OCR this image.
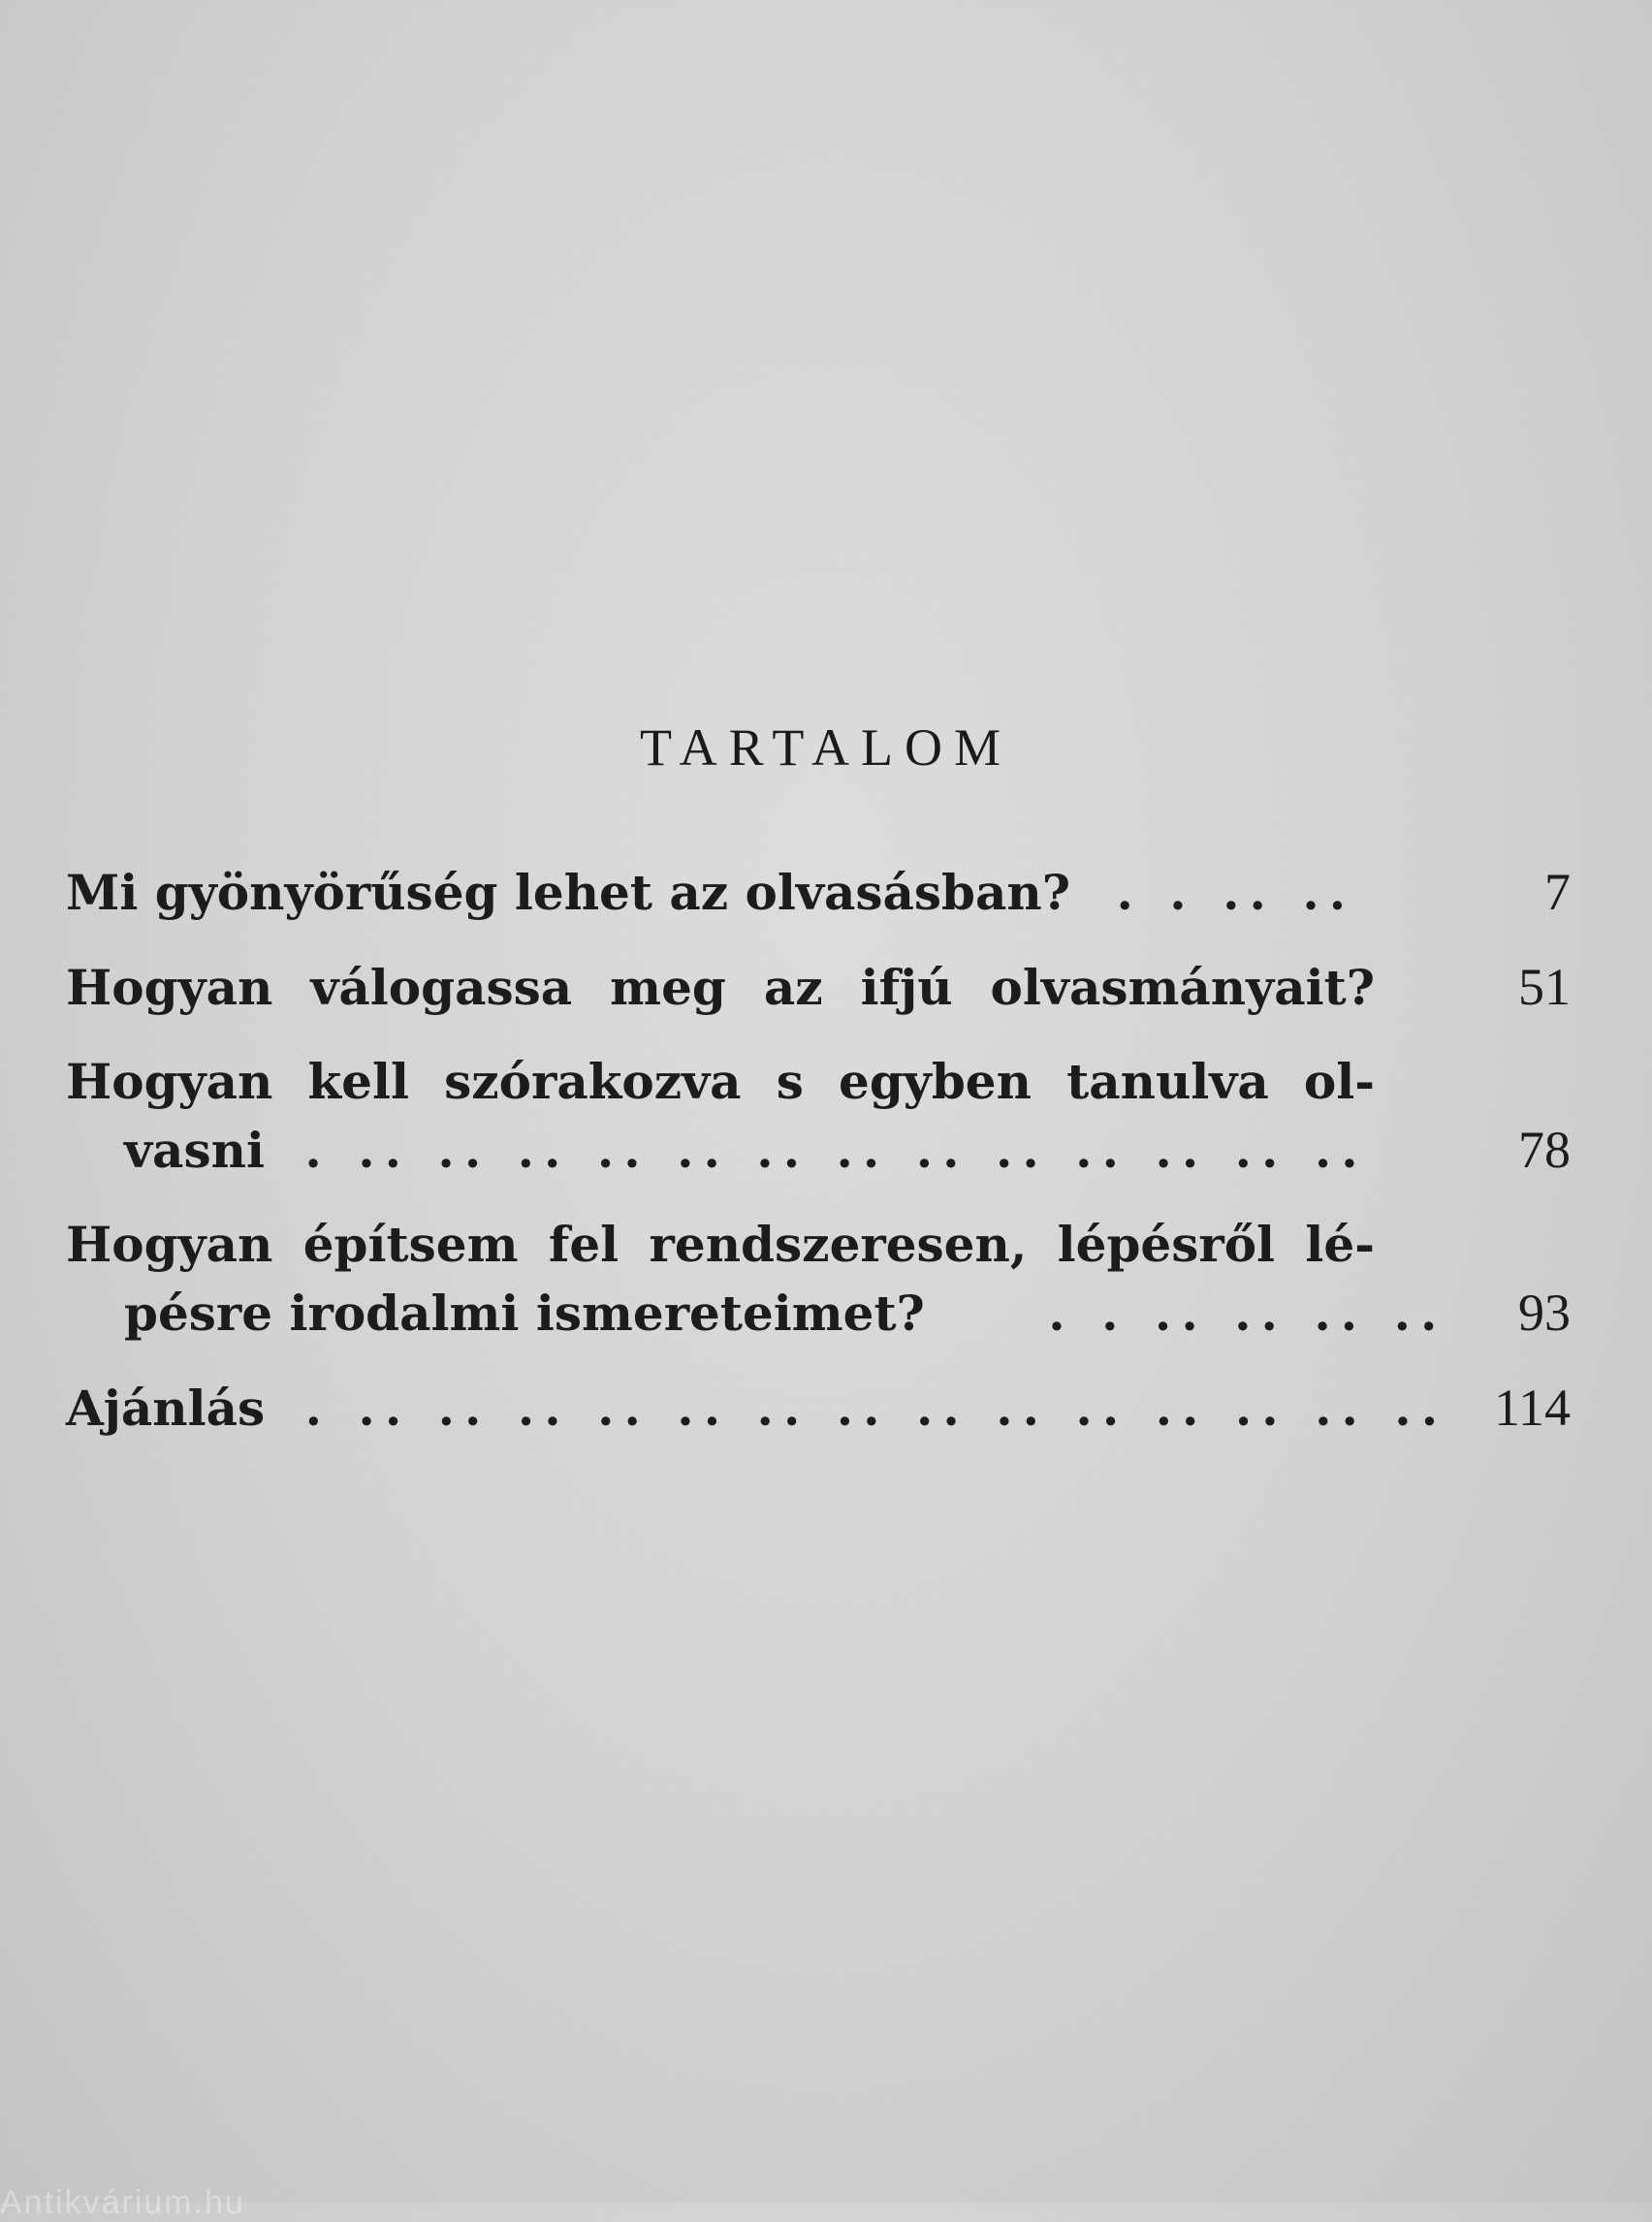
TARTALOM
Mi gyönyörűség lehet az olvasásban? . . .. ..	7
Hogyan válogassa meg az ifjú olvasmányait?	51
Hogyan kell szórakozva s egyben tanulva ol-
vasni . .. .. .. .. .. .. .. .. .. .. .. .. ..	78
Hogyan építsem fel rendszeresen, lépésről lé-
pésre irodalmi ismereteimet?	. . .. .. .. ..	93
Ajánlás . .. .. .. .. .. .. .. .. .. .. .. .. .. .. 114
Antikvárium.hu
